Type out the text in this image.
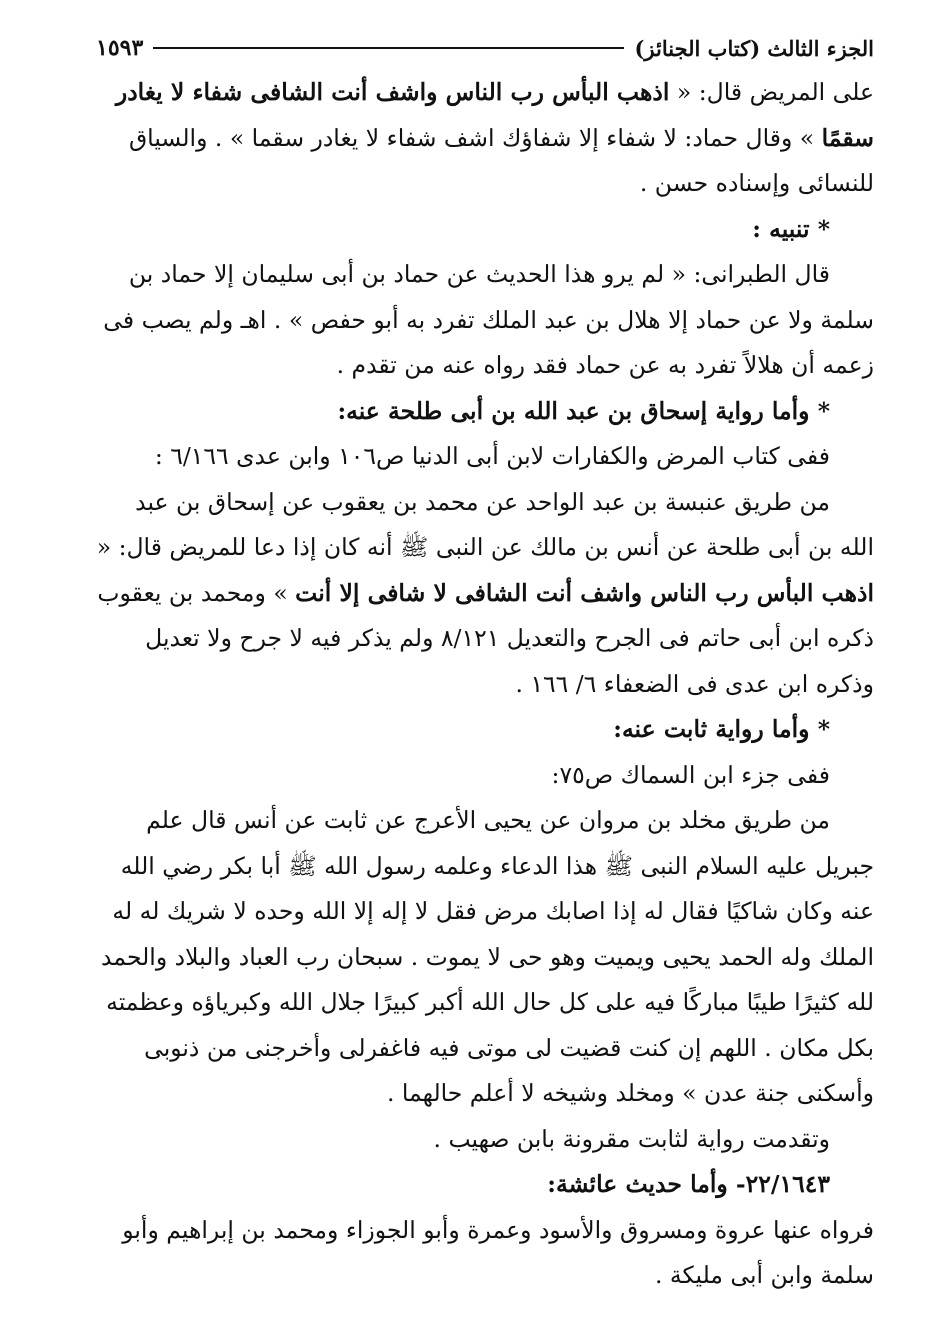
الجزء الثالث (كتاب الجنائز)
١٥٩٣

على المريض قال: « اذهب البأس رب الناس واشف أنت الشافى شفاء لا يغادر سقمًا » وقال حماد: لا شفاء إلا شفاؤك اشف شفاء لا يغادر سقما » . والسياق للنسائى وإسناده حسن .

* تنبيه :

قال الطبرانى: « لم يرو هذا الحديث عن حماد بن أبى سليمان إلا حماد بن سلمة ولا عن حماد إلا هلال بن عبد الملك تفرد به أبو حفص » . اهـ ولم يصب فى زعمه أن هلالاً تفرد به عن حماد فقد رواه عنه من تقدم .

* وأما رواية إسحاق بن عبد الله بن أبى طلحة عنه:

ففى كتاب المرض والكفارات لابن أبى الدنيا ص١٠٦ وابن عدى ٦/١٦٦ :

من طريق عنبسة بن عبد الواحد عن محمد بن يعقوب عن إسحاق بن عبد الله بن أبى طلحة عن أنس بن مالك عن النبى ﷺ أنه كان إذا دعا للمريض قال: « اذهب البأس رب الناس واشف أنت الشافى لا شافى إلا أنت » ومحمد بن يعقوب ذكره ابن أبى حاتم فى الجرح والتعديل ٨/١٢١ ولم يذكر فيه لا جرح ولا تعديل وذكره ابن عدى فى الضعفاء ٦/ ١٦٦ .

* وأما رواية ثابت عنه:

ففى جزء ابن السماك ص٧٥:

من طريق مخلد بن مروان عن يحيى الأعرج عن ثابت عن أنس قال علم جبريل عليه السلام النبى ﷺ هذا الدعاء وعلمه رسول الله ﷺ أبا بكر رضي الله عنه وكان شاكيًا فقال له إذا اصابك مرض فقل لا إله إلا الله وحده لا شريك له له الملك وله الحمد يحيى ويميت وهو حى لا يموت . سبحان رب العباد والبلاد والحمد لله كثيرًا طيبًا مباركًا فيه على كل حال الله أكبر كبيرًا جلال الله وكبرياؤه وعظمته بكل مكان . اللهم إن كنت قضيت لى موتى فيه فاغفرلى وأخرجنى من ذنوبى وأسكنى جنة عدن » ومخلد وشيخه لا أعلم حالهما .

وتقدمت رواية لثابت مقرونة بابن صهيب .

٢٢/١٦٤٣- وأما حديث عائشة:

فرواه عنها عروة ومسروق والأسود وعمرة وأبو الجوزاء ومحمد بن إبراهيم وأبو سلمة وابن أبى مليكة .
